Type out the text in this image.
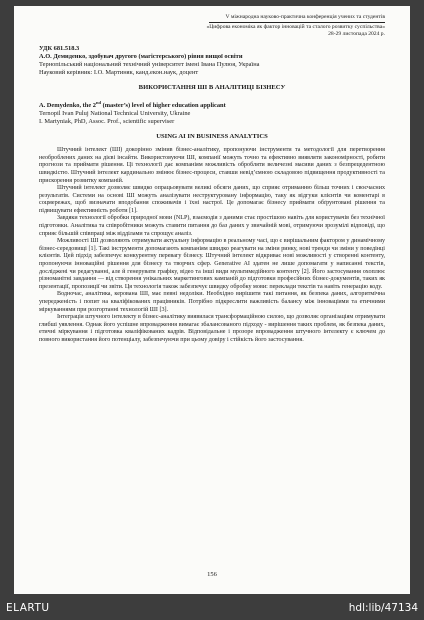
V міжнародна науково-практична конференція учених та студентів
«Цифрова економіка як фактор інновацій та сталого розвитку суспільства»
28-29 листопада 2024 р.
УДК 681.518.3
А.О. Демиденко, здобувач другого (магістерського) рівня вищої освіти
Тернопільський національний технічний університет імені Івана Пулюя, Україна
Науковий керівник: І.О. Мартиняк, канд.екон.наук, доцент
ВИКОРИСТАННЯ ШІ В АНАЛІТИЦІ БІЗНЕСУ
A. Demydenko, the 2nd (master’s) level of higher education applicant
Ternopil Ivan Puluj National Technical University, Ukraine
I. Martyniak, PhD, Assoc. Prof., scientific superviser
USING AI IN BUSINESS ANALYTICS

Штучний інтелект (ШІ) докорінно змінив бізнес-аналітику, пропонуючи інструменти та методології для перетворення необроблених даних на дієві інсайти. Використовуючи ШІ, компанії можуть точно та ефективно виявляти закономірності, робити прогнози та приймати рішення. Ці технології дає компаніям можливість обробляти величезні масиви даних з безпрецедентною швидкістю. Штучний інтелект кардинально змінює бізнес-процеси, ставши невід’ємною складовою підвищення продуктивності та прискорення розвитку компаній.

Штучний інтелект дозволяє швидко опрацьовувати великі обсяги даних, що сприяє отриманню більш точних і своєчасних результатів. Системи на основі ШІ можуть аналізувати неструктуровану інформацію, таку як відгуки клієнтів чи коментарі в соцмережах, щоб визначати вподобання споживачів і їхні настрої. Це допомагає бізнесу приймати обґрунтовані рішення та підвищувати ефективність роботи [1].

Завдяки технології обробки природної мови (NLP), взаємодія з даними стає простішою навіть для користувачів без технічної підготовки. Аналітика та співробітники можуть ставити питання до баз даних у звичайній мові, отримуючи зрозумілі відповіді, що сприяє більшій співпраці між відділами та спрощує аналіз.

Можливості ШІ дозволяють отримувати актуальну інформацію в реальному часі, що є вирішальним фактором у динамічному бізнес-середовищі [1]. Такі інструменти допомагають компаніям швидко реагувати на зміни ринку, нові тренди чи зміни у поведінці клієнтів. Цей підхід забезпечує конкурентну перевагу бізнесу. Штучний інтелект відкриває нові можливості у створенні контенту, пропонуючи інноваційні рішення для бізнесу та творчих сфер. Generative AI здатен не лише допомагати у написанні текстів, досліджені чи редагуванні, але й генерувати графіку, відео та інші види мультимедійного контенту [2]. Його застосування охоплює різноманітні завдання — від створення унікальних маркетингових кампаній до підготовки професійних бізнес-документів, таких як презентації, пропозиції чи звіти. Ця технологія також забезпечує швидку обробку мови: переклади текстів та навіть генерацію коду.

Водночас, аналітика, керована ШІ, має певні недоліки. Необхідно вирішити такі питання, як безпека даних, алгоритмічна упередженість і попит на кваліфікованих працівників. Потрібно підкреслити важливість балансу між інноваціями та етичними міркуваннями при розгортанні технологій ШІ [3].

Інтеграція штучного інтелекту в бізнес-аналітику виявилася трансформаційною силою, що дозволяє організаціям отримувати глибші уявлення. Однак його успішне впровадження вимагає збалансованого підходу - вирішення таких проблем, як безпека даних, етичні міркування і підготовка кваліфікованих кадрів. Відповідальне і прозоре впровадження штучного інтелекту є ключем до повного використання його потенціалу, забезпечуючи при цьому довіру і стійкість його застосування.

156
ELARTU	hdl:lib/47134
